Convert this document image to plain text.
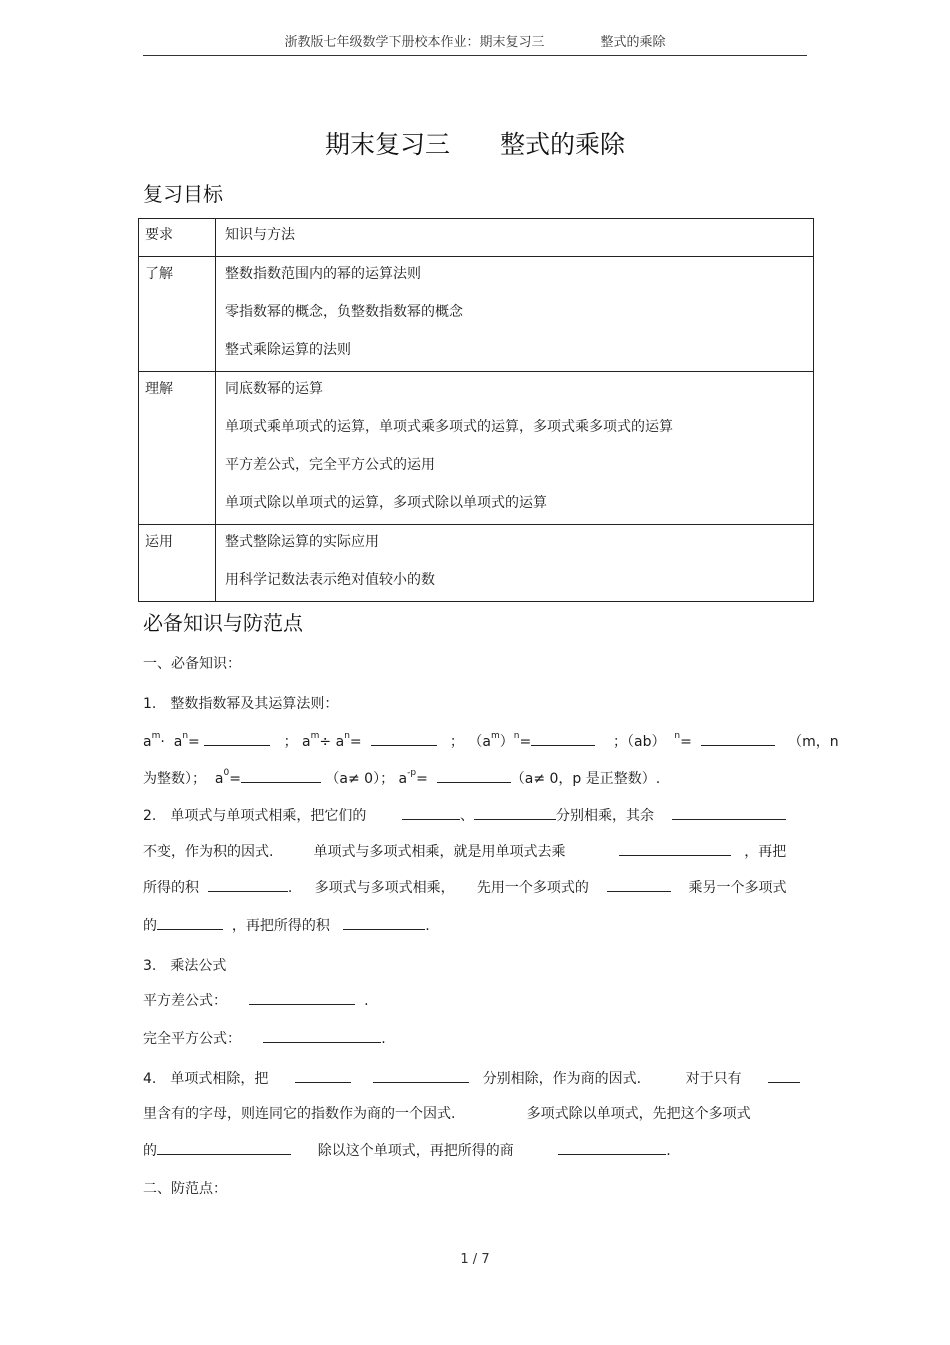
浙教版七年级数学下册校本作业：期末复习三	整式的乘除
期末复习三 整式的乘除
复习目标
要求	知识与方法

了解	整数指数范围内的幂的运算法则
零指数幂的概念，负整数指数幂的概念
整式乘除运算的法则

理解	同底数幂的运算
单项式乘单项式的运算，单项式乘多项式的运算，多项式乘多项式的运算
平方差公式，完全平方公式的运用
单项式除以单项式的运算，多项式除以单项式的运算

运用	整式整除运算的实际应用
用科学记数法表示绝对值较小的数
必备知识与防范点
一、必备知识：
1.　整数指数幂及其运算法则：
$a^m\cdot a^n=$	； $a^m\div a^n=$	； $(a^m)^n=$	；（ab） $^n$=	（m，n
为整数）； $a^0=$	（a≠ 0）； $a^{-p}=$	（a≠ 0，p 是正整数）.
2.　单项式与单项式相乘，把它们的	、	分别相乘，其余
不变，作为积的因式.	单项式与多项式相乘，就是用单项式去乘	，再把
所得的积	. 多项式与多项式相乘， 先用一个多项式的	乘另一个多项式
的	，再把所得的积	.
3.　乘法公式
平方差公式：	.
完全平方公式：	.
4.　单项式相除，把	分别相除，作为商的因式.	对于只有
里含有的字母，则连同它的指数作为商的一个因式.	多项式除以单项式，先把这个多项式
的	除以这个单项式，再把所得的商	.
二、防范点：
1 / 7
